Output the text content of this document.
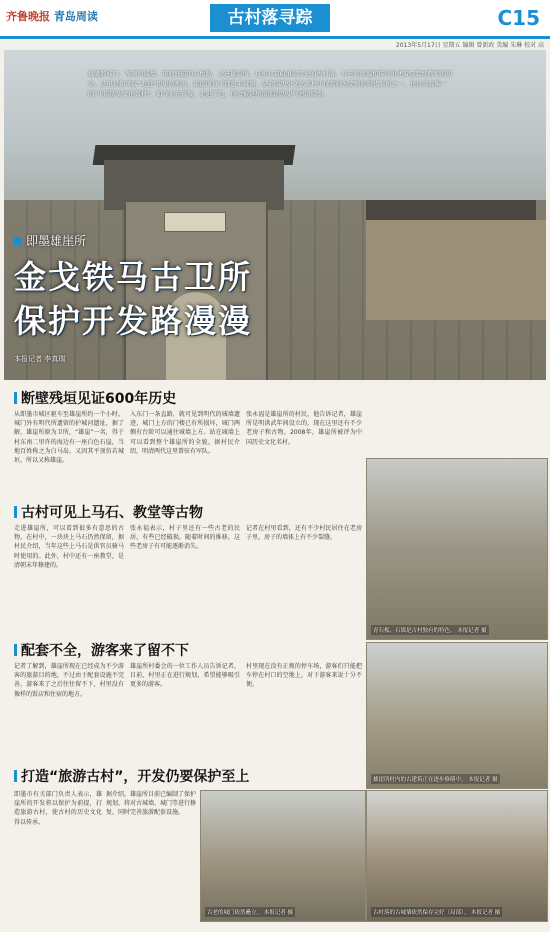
齐鲁晚报 青岛周读	古村落寻踪	C15
2013年5月17日 星期五 编辑 曾新政 美编 朱琳 校对 高
巍峨的城门、坚固的城墙、斑驳残破的石板路，走进雄崖所，这座有着600年历史的古村落，有它的静谧和传奇讲述着它曾经辉煌的历史。这里是你可以“走进”历史的地方，雄崖所位于即墨丰城镇，是全国历史文化名村中保存较为完整的明代卫所之一，也是青岛唯一的“中国历史文化名村”，如今正在开发，走进了它，你会被这里浓郁的历史气息所吸引。
即墨雄崖所
金戈铁马古卫所
保护开发路漫漫
本报记者 李真瑞
断壁残垣见证600年历史
从即墨市城区驱车至雄崖所约一个小时。城门外有明代所遗留的护城河遗址，据了解，雄崖所原为卫所，“雄崖”一名，得于村东南二里许的海边有一座白色石崖，当地百姓称之为白马岛，又因其平顶仿若城垣，所以又称雄崖。
入东门一条直路，就可见到明代的城墙遗迹，城门上方的门楼已有所损坏，城门两侧有台阶可以通往城墙上方。站在城墙上可以看到整个雄崖所的全貌，据村民介绍，明清两代这里曾驻有军队。
张永福是雄崖所的村民，他告诉记者，雄崖所是明洪武年间设立的，现在这里还有不少老房子和古物。2008年，雄崖所被评为中国历史文化名村。
古村可见上马石、教堂等古物
走进雄崖所，可以看到很多有意思的古物。在村中，一块块上马石仍然保留，据村民介绍，当年这些上马石是供官员骑马时使用的。此外，村中还有一座教堂，是清朝末年修建的。
张永福表示，村子里还有一些古老的民居，有些已经破损。随着时间的推移，这些老房子有可能逐渐消失。
记者在村里看到，还有不少村民居住在老房子里，房子的墙体上有不少裂缝。
配套不全，游客来了留不下
记者了解到，雄崖所现在已经成为不少游客的旅游目的地，不过由于配套设施不完善，游客来了之后往往留不下，村里没有像样的饭店和住宿的地方。
雄崖所村委会的一位工作人员告诉记者，目前，村里正在进行规划，希望能够吸引更多的游客。
村里现在没有正规的停车场，游客们只能把车停在村口的空地上，对于游客来说十分不便。
打造“旅游古村”，开发仍要保护至上
即墨市有关部门负责人表示，雄崖所的开发将以保护为前提，打造旅游古村，使古村的历史文化得以传承。
据介绍，雄崖所目前已编制了保护规划，将对古城墙、城门等进行修复，同时完善旅游配套设施。
青石板、石墙是古村独有的特色。 本报记者 摄
雄崖所村内的古建筑正在逐步修缮中。 本报记者 摄
古老的城门依然矗立。 本报记者 摄	古村落的古城墙依然保存完好（局部）。 本报记者 摄
